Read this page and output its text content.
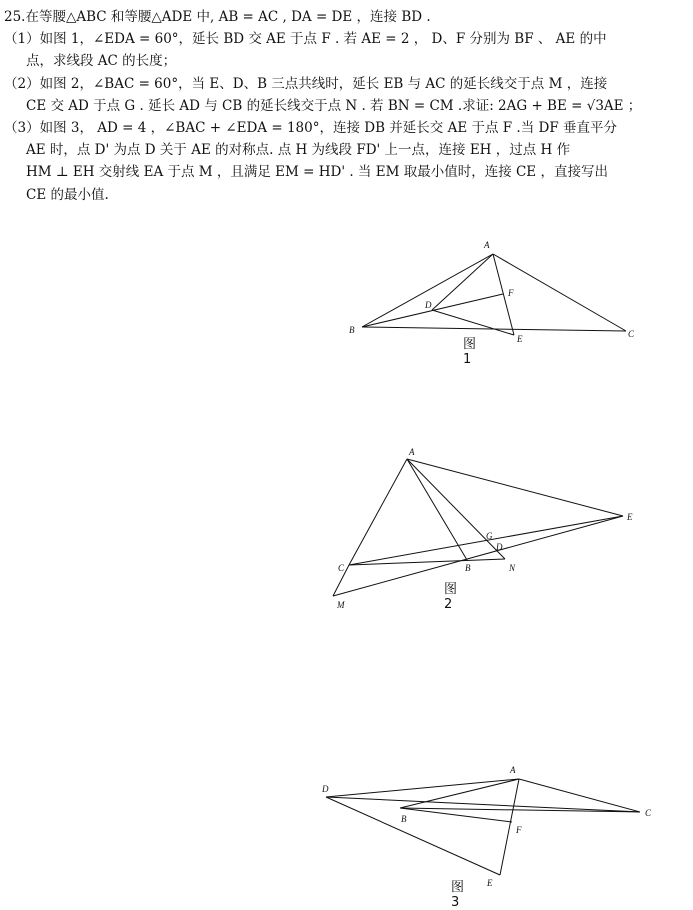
25.在等腰△ABC 和等腰△ADE 中, AB = AC , DA = DE ，连接 BD .
（1）如图 1，∠EDA = 60°，延长 BD 交 AE 于点 F . 若 AE = 2 ， D、F 分别为 BF 、 AE 的中
点，求线段 AC 的长度；
（2）如图 2，∠BAC = 60°，当 E、D、B 三点共线时，延长 EB 与 AC 的延长线交于点 M ，连接
CE 交 AD 于点 G . 延长 AD 与 CB 的延长线交于点 N . 若 BN = CM .求证: 2AG + BE = √3AE ；
（3）如图 3， AD = 4 ，∠BAC + ∠EDA = 180°，连接 DB 并延长交 AE 于点 F .当 DF 垂直平分
AE 时，点 D' 为点 D 关于 AE 的对称点. 点 H 为线段 FD' 上一点，连接 EH ，过点 H 作
HM ⊥ EH 交射线 EA 于点 M ，且满足 EM = HD' . 当 EM 取最小值时，连接 CE ，直接写出
CE 的最小值.
A
B	C
D
E
F
图 1
A
B
C
D
E
G
M
N
图 2
A
B
C
D
E
F
图 3
